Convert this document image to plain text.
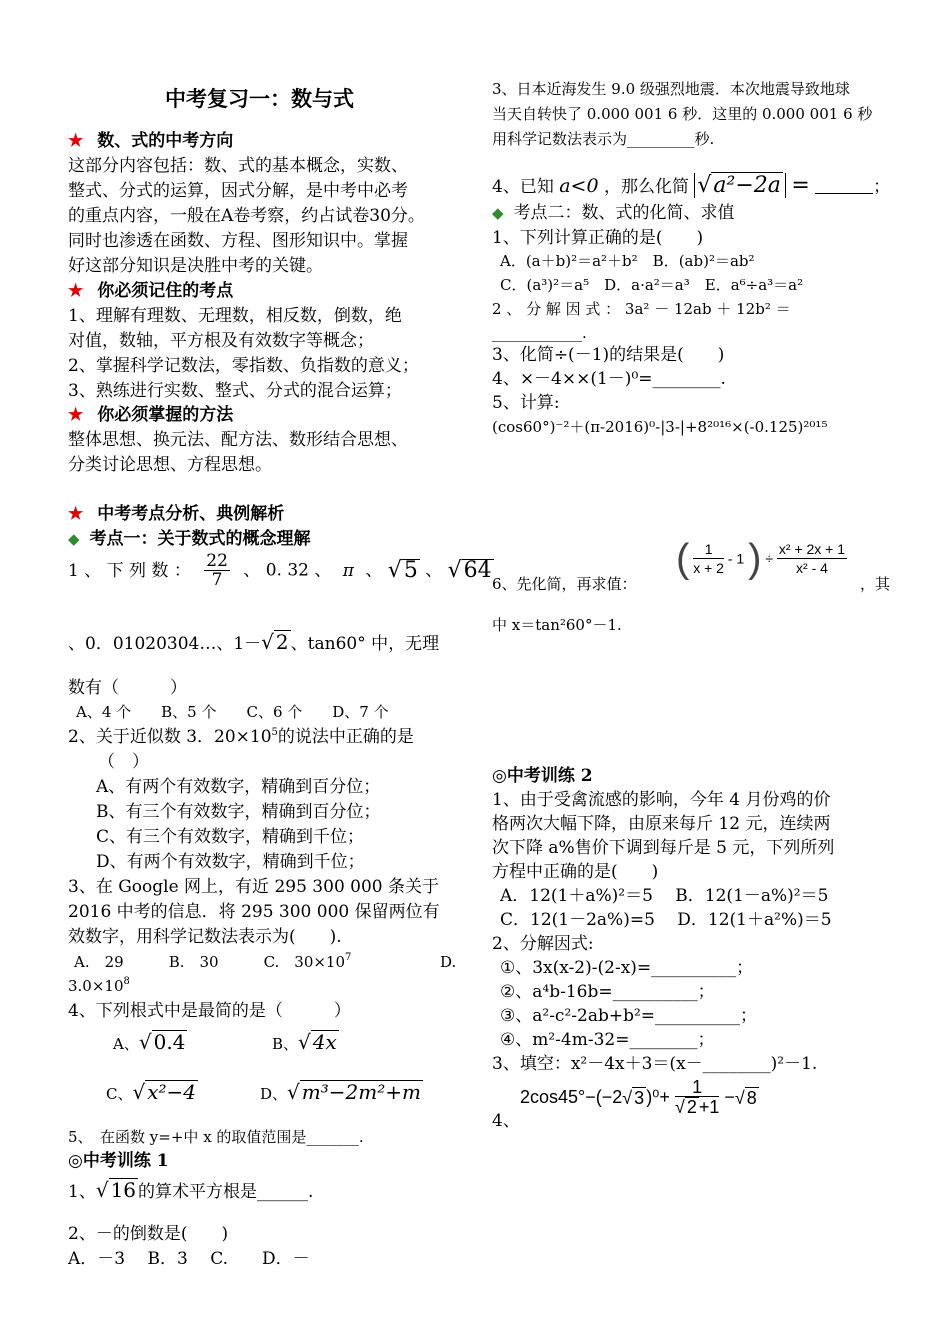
中考复习一：数与式
★ 数、式的中考方向
这部分内容包括：数、式的基本概念，实数、
整式、分式的运算，因式分解，是中考中必考
的重点内容，一般在A卷考察，约占试卷30分。
同时也渗透在函数、方程、图形知识中。掌握
好这部分知识是决胜中考的关键。
★ 你必须记住的考点
1、理解有理数、无理数，相反数，倒数，绝
对值，数轴，平方根及有效数字等概念；
2、掌握科学记数法，零指数、负指数的意义；
3、熟练进行实数、整式、分式的混合运算；
★ 你必须掌握的方法
整体思想、换元法、配方法、数形结合思想、
分类讨论思想、方程思想。
★ 中考考点分析、典例解析
◆ 考点一：关于数式的概念理解
1 、 下 列 数 ： $\frac{22}{7}$ 、 0. 32 、 π 、 √5 、 √64
、0．01020304…、1－√ 2 、tan60° 中，无理
数有（　　　）
A、4 个　　B、5 个　　C、6 个　　D、7 个
2、关于近似数 3．$20\times 10^5$的说法中正确的是
（　）
A、有两个有效数字，精确到百分位；
B、有三个有效数字，精确到百分位；
C、有三个有效数字，精确到千位；
D、有两个有效数字，精确到千位；
3、在 Google 网上，有近 295 300 000 条关于
2016 中考的信息．将 295 300 000 保留两位有
效数字，用科学记数法表示为(　　).
A.　29　　　B.　30　　　C.　$30\times 10^7$	D.
$3.0\times 10^8$
4、下列根式中是最简的是（　　　）
A、√ 0.4	B、√ 4x
C、√ x²−4	D、√ m³−2m²+m
5、　在函数 y=+中 x 的取值范围是_______.
◎中考训练 1
1、√ 16 的算术平方根是______.
2、－的倒数是(　　)
A．－3　 B．3　 C.　　D．－
3、日本近海发生 9.0 级强烈地震．本次地震导致地球
当天自转快了 0.000 001 6 秒．这里的 0.000 001 6 秒
用科学记数法表示为_________秒.
4、已知 a<0 ，那么化简 √a²−2a =	；
◆ 考点二：数、式的化简、求值
1、下列计算正确的是(　　)
A．(a＋b)²＝a²＋b²　B．(ab)²＝ab²
C．(a³)²＝a⁵　D．a·a²＝a³　E．a⁶÷a³＝a²
2 、 分 解 因 式 ： 3a² － 12ab ＋ 12b² ＝
____________.
3、化简÷(－1)的结果是(　　)
4、×－4××(1－)⁰=________.
5、计算:
(cos60°)⁻²＋(π-2016)⁰-|3-|+8²⁰¹⁶×(-0.125)²⁰¹⁵
6、先化简，再求值：
( $\frac{1}{x + 2} - 1$ ) ÷ $\frac{\text{x² + 2x + 1}}{\text{x² - 4}}$
，其
中 x＝tan²60°－1.
◎中考训练 2
1、由于受禽流感的影响，今年 4 月份鸡的价
格两次大幅下降，由原来每斤 12 元，连续两
次下降 a%售价下调到每斤是 5 元，下列所列
方程中正确的是(　　)
A．12(1＋a%)²＝5　 B．12(1－a%)²＝5
C．12(1－2a%)=5　 D．12(1＋a²%)＝5
2、分解因式:
①、3x(x-2)-(2-x)=__________；
②、a⁴b-16b=__________；
③、a²-c²-2ab+b²=__________；
④、m²-4m-32=________；
3、填空：x²－4x＋3＝(x－________)²－1.
2cos45°−(−2√ 3 )$^0+ \frac{1}{√ 2 +1}$ −√ 8
4、
